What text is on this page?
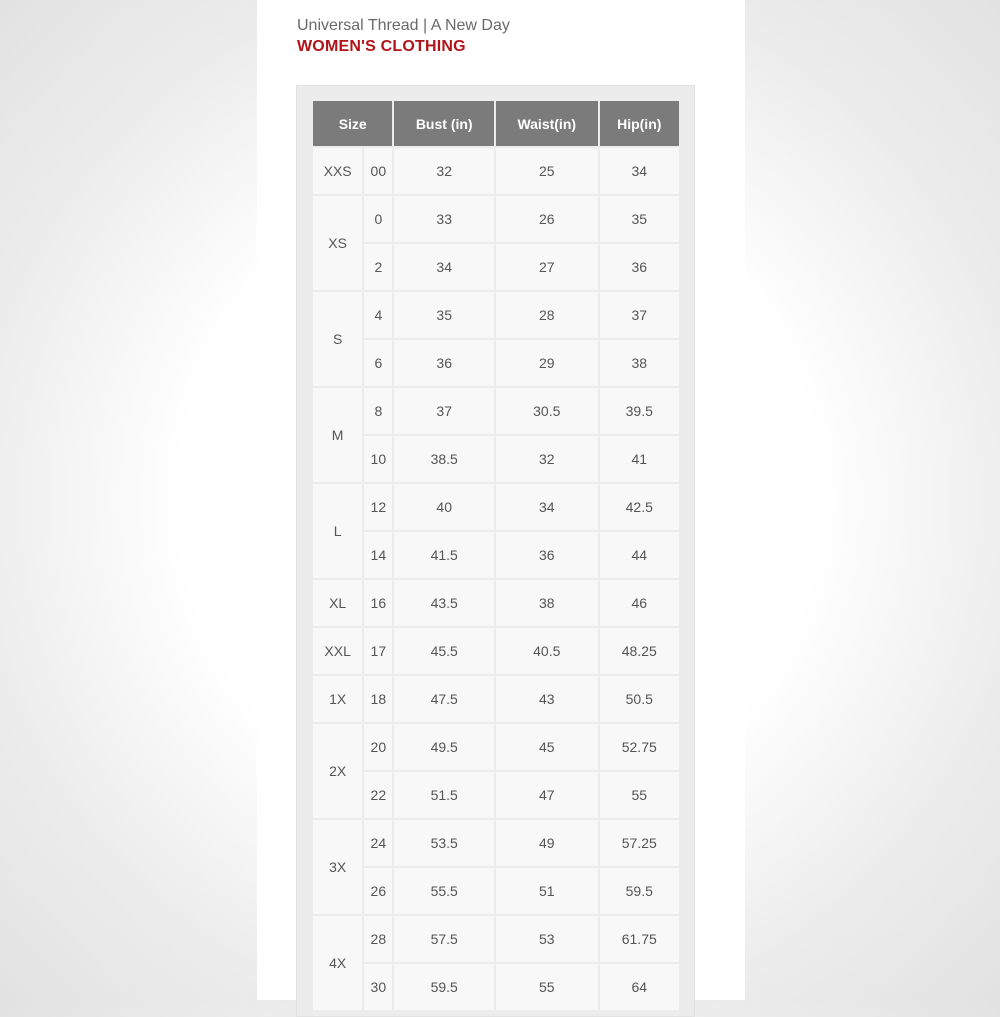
Universal Thread | A New Day
WOMEN'S CLOTHING
Size		Bust (in)	Waist(in)	Hip(in)
XXS	00	32	25	34
XS	0	33	26	35
	2	34	27	36
S	4	35	28	37
	6	36	29	38
M	8	37	30.5	39.5
	10	38.5	32	41
L	12	40	34	42.5
	14	41.5	36	44
XL	16	43.5	38	46
XXL	17	45.5	40.5	48.25
1X	18	47.5	43	50.5
2X	20	49.5	45	52.75
	22	51.5	47	55
3X	24	53.5	49	57.25
	26	55.5	51	59.5
4X	28	57.5	53	61.75
	30	59.5	55	64
